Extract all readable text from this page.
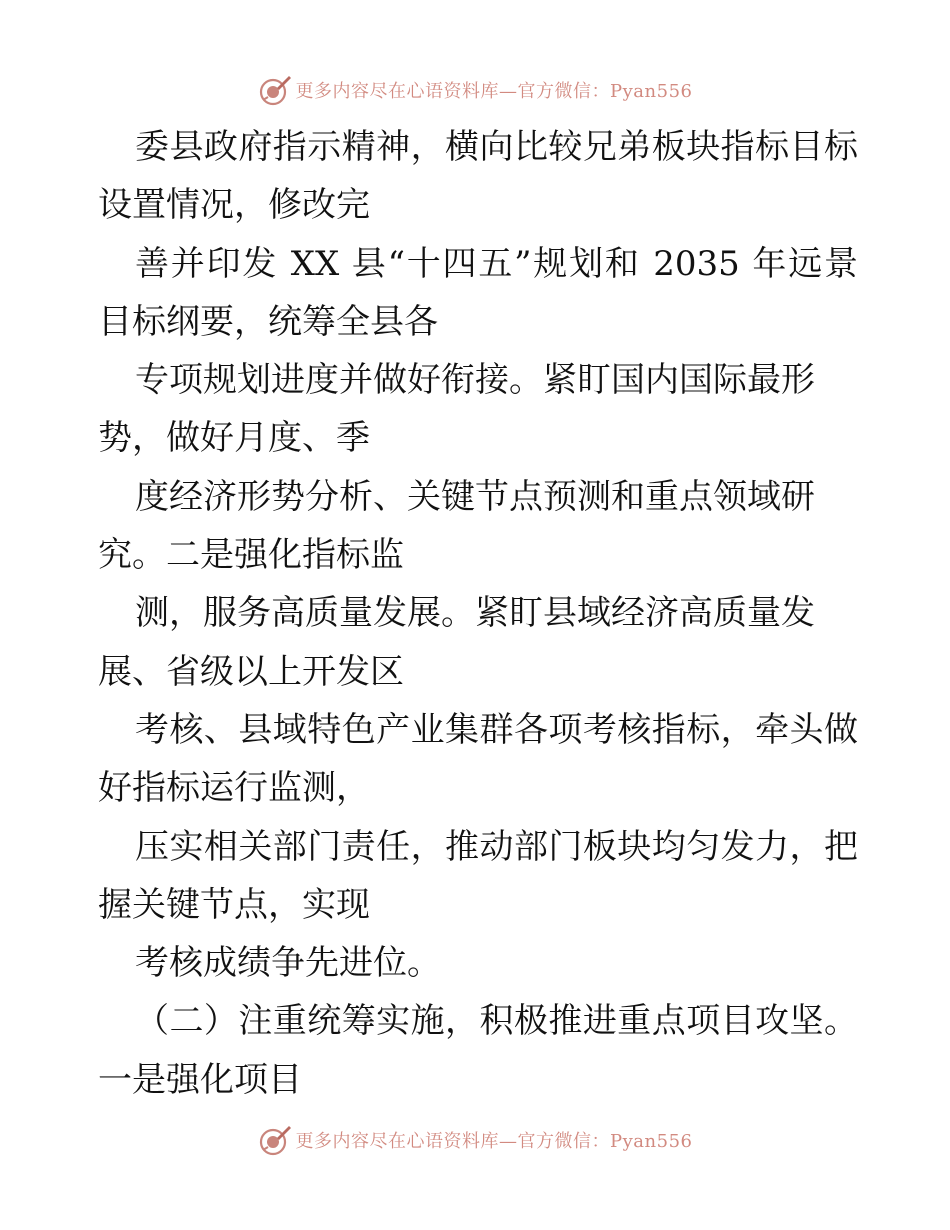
更多内容尽在心语资料库—官方微信：Pyan556
委县政府指示精神，横向比较兄弟板块指标目标
设置情况，修改完
善并印发 XX 县“十四五”规划和 2035 年远景
目标纲要，统筹全县各
专项规划进度并做好衔接。紧盯国内国际最形
势，做好月度、季
度经济形势分析、关键节点预测和重点领域研
究。二是强化指标监
测，服务高质量发展。紧盯县域经济高质量发
展、省级以上开发区
考核、县域特色产业集群各项考核指标，牵头做
好指标运行监测，
压实相关部门责任，推动部门板块均匀发力，把
握关键节点，实现
考核成绩争先进位。
（二）注重统筹实施，积极推进重点项目攻坚。
一是强化项目
更多内容尽在心语资料库—官方微信：Pyan556
